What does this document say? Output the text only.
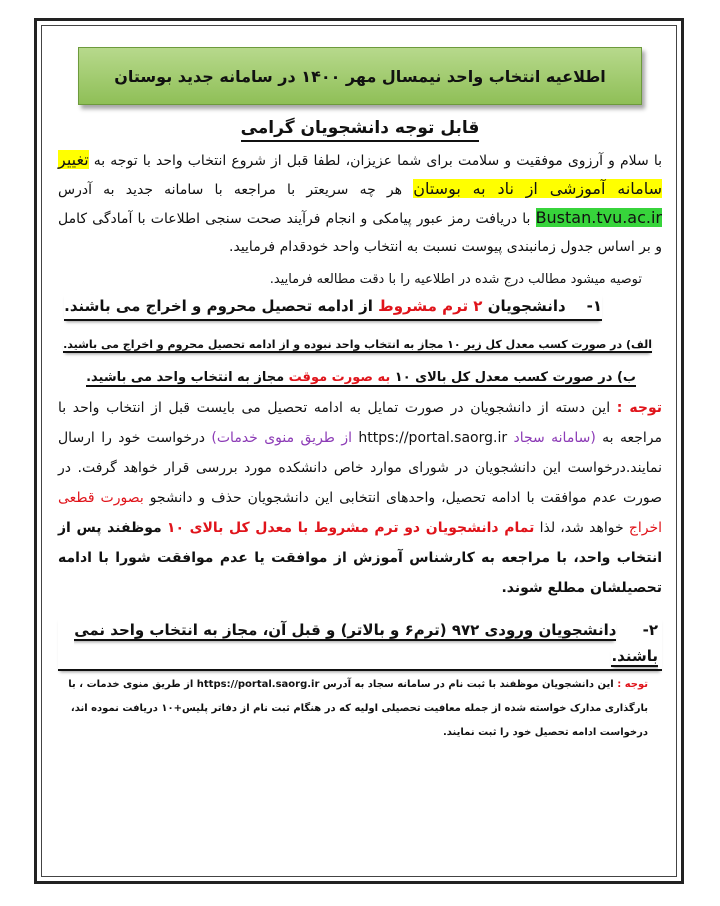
اطلاعیه انتخاب واحد نیمسال مهر ۱۴۰۰ در سامانه جدید بوستان

قابل توجه دانشجویان گرامی

با سلام و آرزوی موفقیت و سلامت برای شما عزیزان، لطفا قبل از شروع انتخاب واحد با توجه به تغییر سامانه آموزشی از ناد به بوستان هر چه سریعتر با مراجعه با سامانه جدید به آدرس Bustan.tvu.ac.ir با دریافت رمز عبور پیامکی و انجام فرآیند صحت سنجی اطلاعات با آمادگی کامل و بر اساس جدول زمانبندی پیوست نسبت به انتخاب واحد خودقدام فرمایید.

توصیه میشود مطالب درج شده در اطلاعیه را با دقت مطالعه فرمایید.

۱-    دانشجویان ۲ ترم مشروط از ادامه تحصیل محروم و اخراج می باشند.

الف) در صورت کسب معدل کل زیر ۱۰ مجاز به انتخاب واحد نبوده و از ادامه تحصیل محروم و اخراج می باشید.

ب) در صورت کسب معدل کل بالای ۱۰ به صورت موقت مجاز به انتخاب واحد می باشید.

توجه : این دسته از دانشجویان در صورت تمایل به ادامه تحصیل می بایست قبل از انتخاب واحد با مراجعه به (سامانه سجاد https://portal.saorg.ir از طریق منوی خدمات) درخواست خود را ارسال نمایند.درخواست این دانشجویان در شورای موارد خاص دانشکده مورد بررسی قرار خواهد گرفت. در صورت عدم موافقت با ادامه تحصیل، واحدهای انتخابی این دانشجویان حذف و دانشجو بصورت قطعی اخراج خواهد شد، لذا تمام دانشجویان دو ترم مشروط با معدل کل بالای ۱۰ موظفند پس از انتخاب واحد، با مراجعه به کارشناس آموزش از موافقت یا عدم موافقت شورا با ادامه تحصیلشان مطلع شوند.

۲-     دانشجویان ورودی ۹۷۲ (ترم۶ و بالاتر) و قبل آن، مجاز به انتخاب واحد نمی باشند.

توجه : این دانشجویان موظفند با ثبت نام در سامانه سجاد به آدرس https://portal.saorg.ir از طریق منوی خدمات ، با بارگذاری مدارک خواسته شده از جمله معافیت تحصیلی اولیه که در هنگام ثبت نام از دفاتر پلیس+۱۰ دریافت نموده اند، درخواست ادامه تحصیل خود را ثبت نمایند.
